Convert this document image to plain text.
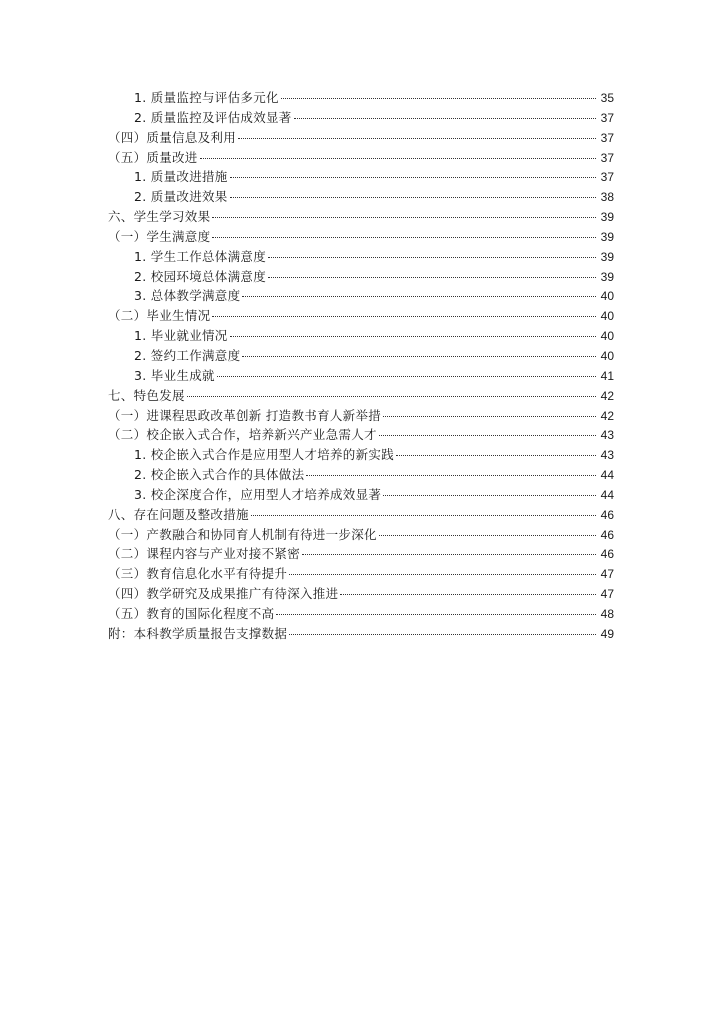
1. 质量监控与评估多元化	35
2. 质量监控及评估成效显著	37
（四）质量信息及利用	37
（五）质量改进	37
1. 质量改进措施	37
2. 质量改进效果	38
六、学生学习效果	39
（一）学生满意度	39
1. 学生工作总体满意度	39
2. 校园环境总体满意度	39
3. 总体教学满意度	40
（二）毕业生情况	40
1. 毕业就业情况	40
2. 签约工作满意度	40
3. 毕业生成就	41
七、特色发展	42
（一）进课程思政改革创新 打造教书育人新举措	42
（二）校企嵌入式合作，培养新兴产业急需人才	43
1. 校企嵌入式合作是应用型人才培养的新实践	43
2. 校企嵌入式合作的具体做法	44
3. 校企深度合作，应用型人才培养成效显著	44
八、存在问题及整改措施	46
（一）产教融合和协同育人机制有待进一步深化	46
（二）课程内容与产业对接不紧密	46
（三）教育信息化水平有待提升	47
（四）教学研究及成果推广有待深入推进	47
（五）教育的国际化程度不高	48
附：本科教学质量报告支撑数据	49
